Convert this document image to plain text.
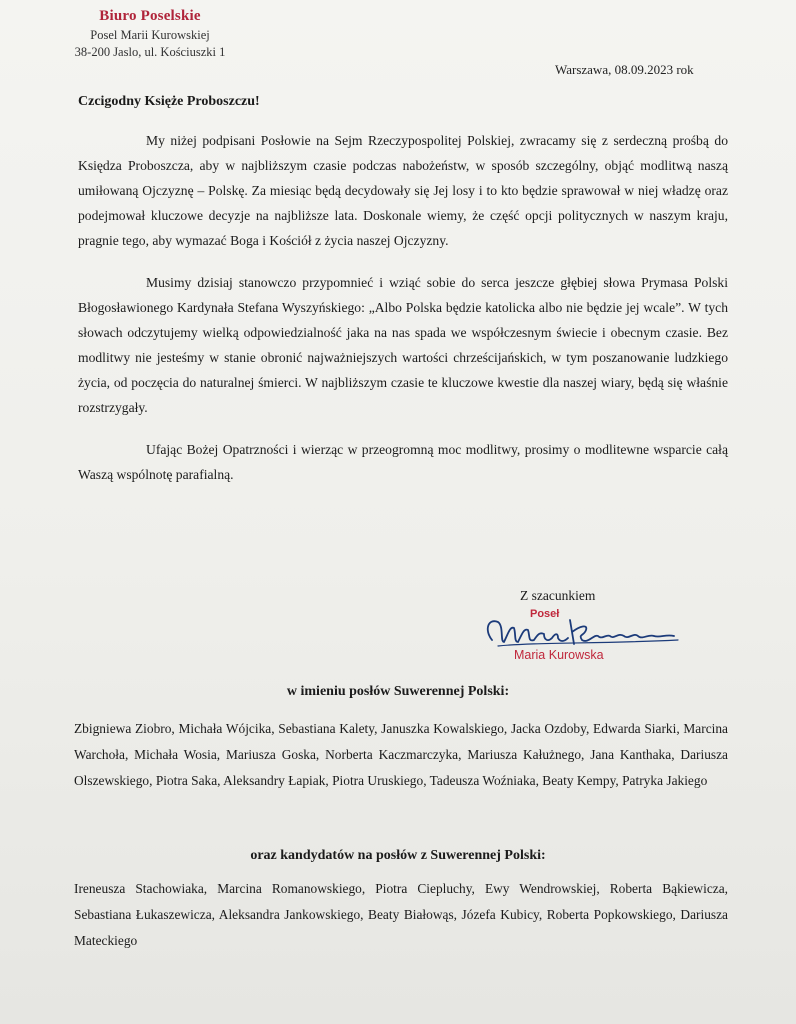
Biuro Poselskie
Posel Marii Kurowskiej
38-200 Jaslo, ul. Kościuszki 1
Warszawa, 08.09.2023 rok
Czcigodny Księże Proboszczu!

My niżej podpisani Posłowie na Sejm Rzeczypospolitej Polskiej, zwracamy się z serdeczną prośbą do Księdza Proboszcza, aby w najbliższym czasie podczas nabożeństw, w sposób szczególny, objąć modlitwą naszą umiłowaną Ojczyznę – Polskę. Za miesiąc będą decydowały się Jej losy i to kto będzie sprawował w niej władzę oraz podejmował kluczowe decyzje na najbliższe lata. Doskonale wiemy, że część opcji politycznych w naszym kraju, pragnie tego, aby wymazać Boga i Kościół z życia naszej Ojczyzny.

Musimy dzisiaj stanowczo przypomnieć i wziąć sobie do serca jeszcze głębiej słowa Prymasa Polski Błogosławionego Kardynała Stefana Wyszyńskiego: „Albo Polska będzie katolicka albo nie będzie jej wcale”. W tych słowach odczytujemy wielką odpowiedzialność jaka na nas spada we współczesnym świecie i obecnym czasie. Bez modlitwy nie jesteśmy w stanie obronić najważniejszych wartości chrześcijańskich, w tym poszanowanie ludzkiego życia, od poczęcia do naturalnej śmierci. W najbliższym czasie te kluczowe kwestie dla naszej wiary, będą się właśnie rozstrzygały.

Ufając Bożej Opatrzności i wierząc w przeogromną moc modlitwy, prosimy o modlitewne wsparcie całą Waszą wspólnotę parafialną.

Z szacunkiem
Poseł
Maria Kurowska
w imieniu posłów Suwerennej Polski:
Zbigniewa Ziobro, Michała Wójcika, Sebastiana Kalety, Januszka Kowalskiego, Jacka Ozdoby, Edwarda Siarki, Marcina Warchoła, Michała Wosia, Mariusza Goska, Norberta Kaczmarczyka, Mariusza Kałużnego, Jana Kanthaka, Dariusza Olszewskiego, Piotra Saka, Aleksandry Łapiak, Piotra Uruskiego, Tadeusza Woźniaka, Beaty Kempy, Patryka Jakiego
oraz kandydatów na posłów z Suwerennej Polski:
Ireneusza Stachowiaka, Marcina Romanowskiego, Piotra Ciepluchy, Ewy Wendrowskiej, Roberta Bąkiewicza, Sebastiana Łukaszewicza, Aleksandra Jankowskiego, Beaty Białowąs, Józefa Kubicy, Roberta Popkowskiego, Dariusza Mateckiego
